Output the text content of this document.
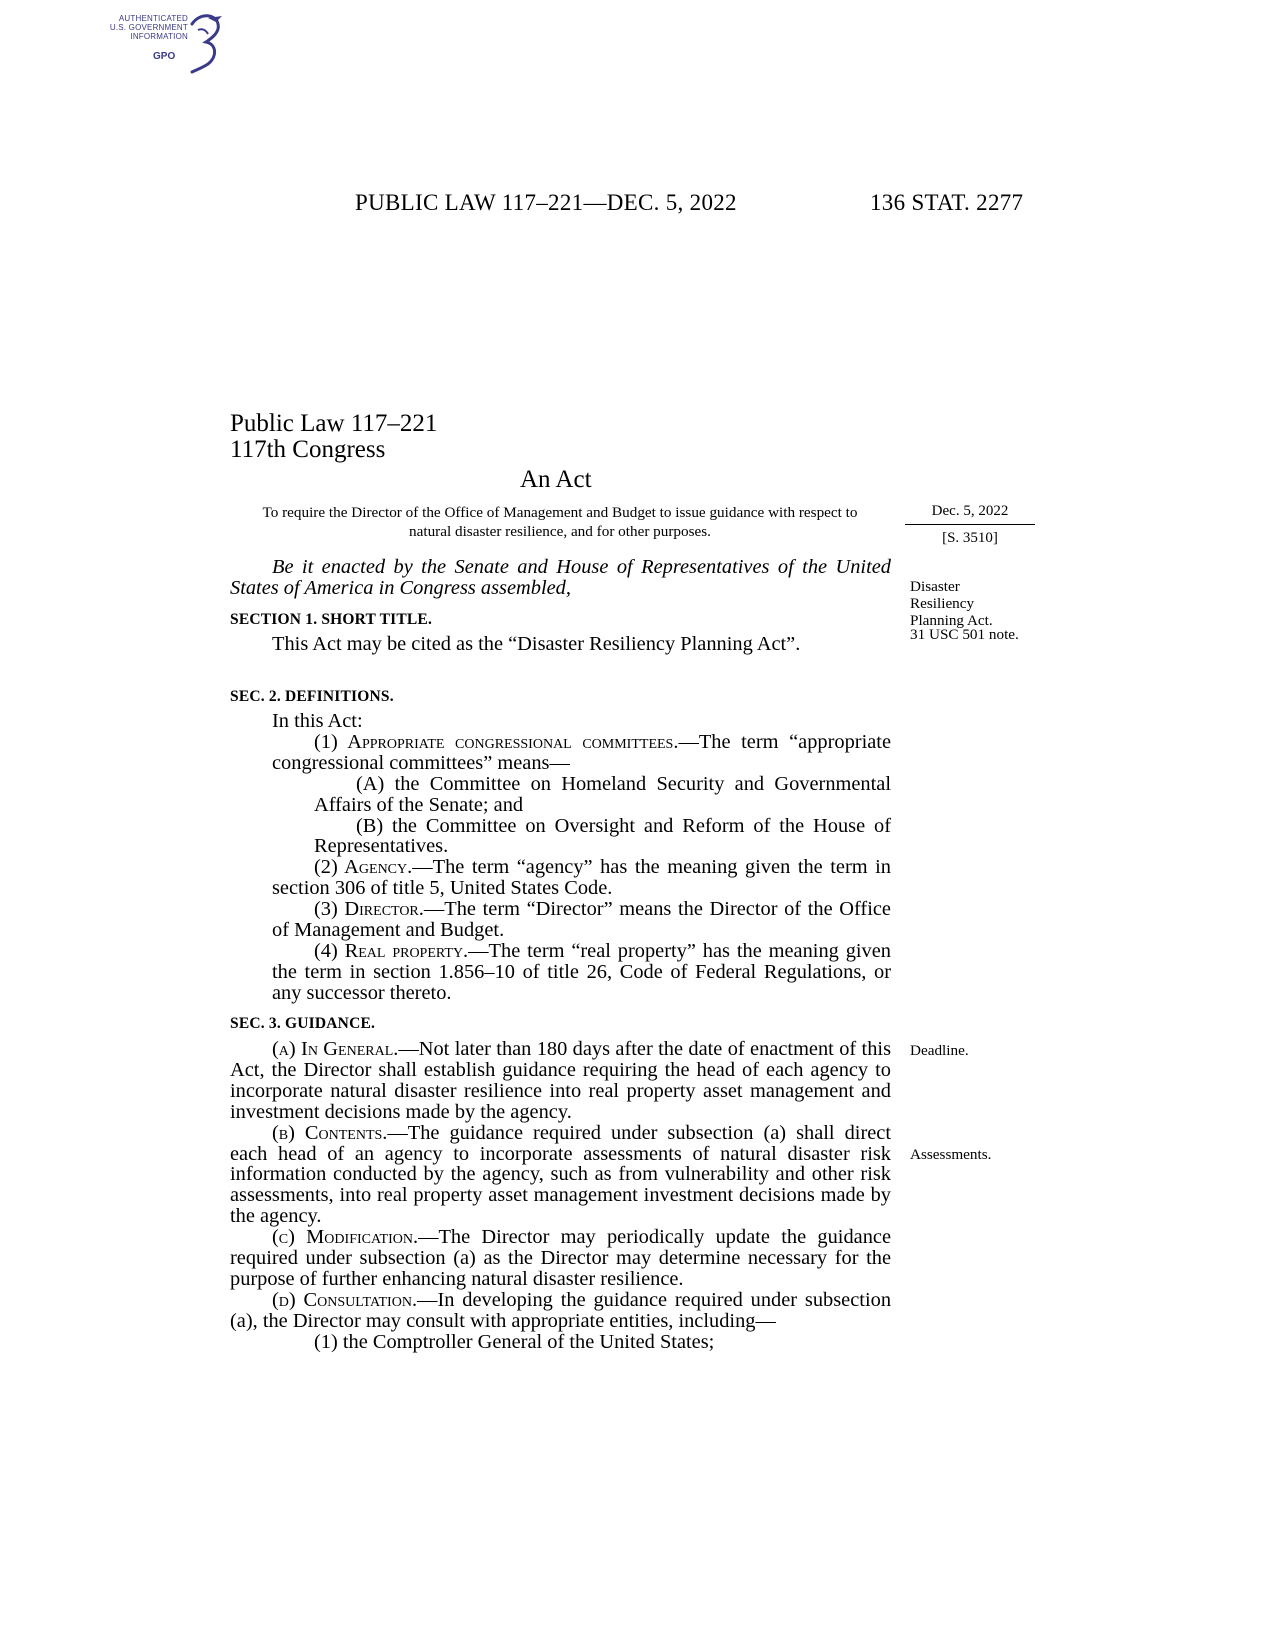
AUTHENTICATED
U.S. GOVERNMENT
INFORMATION
GPO
PUBLIC LAW 117–221—DEC. 5, 2022	136 STAT. 2277
Public Law 117–221
117th Congress
An Act
To require the Director of the Office of Management and Budget to issue guidance with respect to natural disaster resilience, and for other purposes.
Dec. 5, 2022
[S. 3510]
Be it enacted by the Senate and House of Representatives of the United States of America in Congress assembled,
SECTION 1. SHORT TITLE.
This Act may be cited as the “Disaster Resiliency Planning Act”.
Disaster
Resiliency
Planning Act.
31 USC 501 note.
SEC. 2. DEFINITIONS.

In this Act:

(1) Appropriate congressional committees.—The term “appropriate congressional committees” means—

(A) the Committee on Homeland Security and Governmental Affairs of the Senate; and

(B) the Committee on Oversight and Reform of the House of Representatives.

(2) Agency.—The term “agency” has the meaning given the term in section 306 of title 5, United States Code.

(3) Director.—The term “Director” means the Director of the Office of Management and Budget.

(4) Real property.—The term “real property” has the meaning given the term in section 1.856–10 of title 26, Code of Federal Regulations, or any successor thereto.

SEC. 3. GUIDANCE.

(a) In General.—Not later than 180 days after the date of enactment of this Act, the Director shall establish guidance requiring the head of each agency to incorporate natural disaster resilience into real property asset management and investment decisions made by the agency.

(b) Contents.—The guidance required under subsection (a) shall direct each head of an agency to incorporate assessments of natural disaster risk information conducted by the agency, such as from vulnerability and other risk assessments, into real property asset management investment decisions made by the agency.

(c) Modification.—The Director may periodically update the guidance required under subsection (a) as the Director may determine necessary for the purpose of further enhancing natural disaster resilience.

(d) Consultation.—In developing the guidance required under subsection (a), the Director may consult with appropriate entities, including—

(1) the Comptroller General of the United States;

Deadline.
Assessments.
